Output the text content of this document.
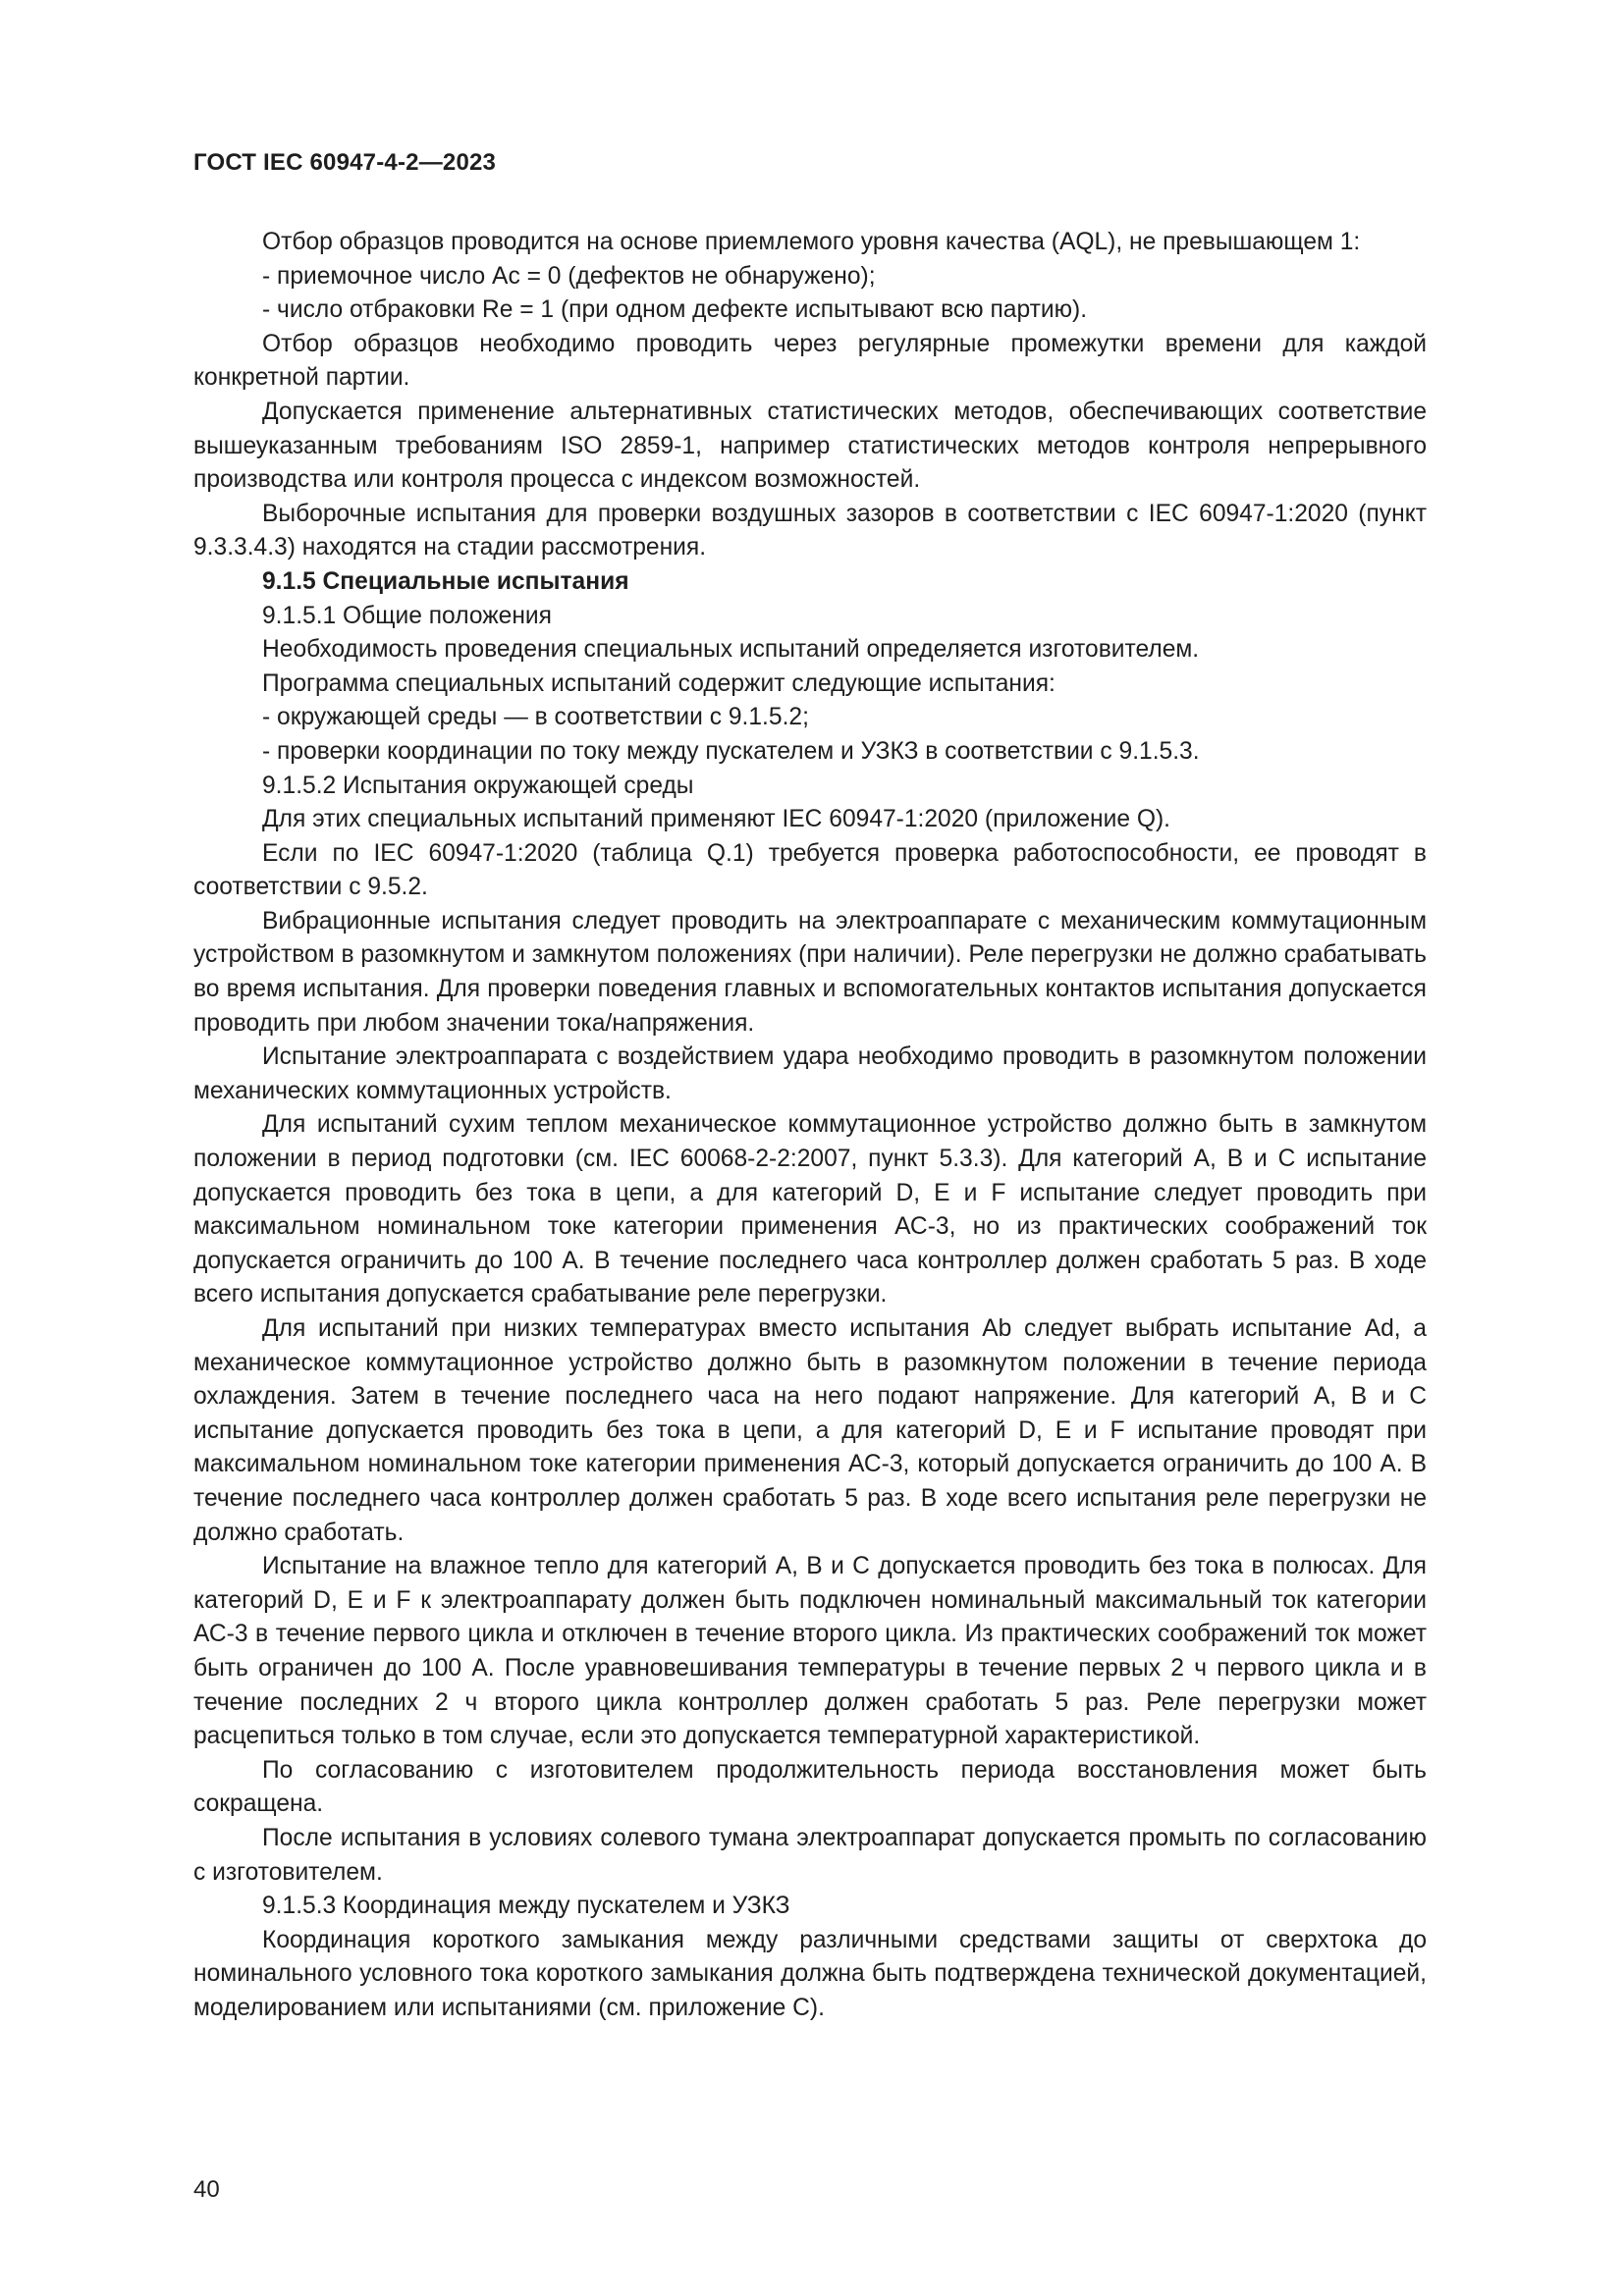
ГОСТ IEC 60947-4-2—2023

Отбор образцов проводится на основе приемлемого уровня качества (AQL), не превышающем 1:

- приемочное число Ас = 0 (дефектов не обнаружено);

- число отбраковки Re = 1 (при одном дефекте испытывают всю партию).

Отбор образцов необходимо проводить через регулярные промежутки времени для каждой конкретной партии.

Допускается применение альтернативных статистических методов, обеспечивающих соответствие вышеуказанным требованиям ISO 2859-1, например статистических методов контроля непрерывного производства или контроля процесса с индексом возможностей.

Выборочные испытания для проверки воздушных зазоров в соответствии с IEC 60947-1:2020 (пункт 9.3.3.4.3) находятся на стадии рассмотрения.

9.1.5 Специальные испытания

9.1.5.1 Общие положения

Необходимость проведения специальных испытаний определяется изготовителем.

Программа специальных испытаний содержит следующие испытания:

- окружающей среды — в соответствии с 9.1.5.2;

- проверки координации по току между пускателем и УЗКЗ в соответствии с 9.1.5.3.

9.1.5.2 Испытания окружающей среды

Для этих специальных испытаний применяют IEC 60947-1:2020 (приложение Q).

Если по IEC 60947-1:2020 (таблица Q.1) требуется проверка работоспособности, ее проводят в соответствии с 9.5.2.

Вибрационные испытания следует проводить на электроаппарате с механическим коммутационным устройством в разомкнутом и замкнутом положениях (при наличии). Реле перегрузки не должно срабатывать во время испытания. Для проверки поведения главных и вспомогательных контактов испытания допускается проводить при любом значении тока/напряжения.

Испытание электроаппарата с воздействием удара необходимо проводить в разомкнутом положении механических коммутационных устройств.

Для испытаний сухим теплом механическое коммутационное устройство должно быть в замкнутом положении в период подготовки (см. IEC 60068-2-2:2007, пункт 5.3.3). Для категорий А, В и С испытание допускается проводить без тока в цепи, а для категорий D, Е и F испытание следует проводить при максимальном номинальном токе категории применения АС-3, но из практических соображений ток допускается ограничить до 100 А. В течение последнего часа контроллер должен сработать 5 раз. В ходе всего испытания допускается срабатывание реле перегрузки.

Для испытаний при низких температурах вместо испытания Ab следует выбрать испытание Ad, а механическое коммутационное устройство должно быть в разомкнутом положении в течение периода охлаждения. Затем в течение последнего часа на него подают напряжение. Для категорий А, В и С испытание допускается проводить без тока в цепи, а для категорий D, Е и F испытание проводят при максимальном номинальном токе категории применения АС-3, который допускается ограничить до 100 А. В течение последнего часа контроллер должен сработать 5 раз. В ходе всего испытания реле перегрузки не должно сработать.

Испытание на влажное тепло для категорий А, В и С допускается проводить без тока в полюсах. Для категорий D, Е и F к электроаппарату должен быть подключен номинальный максимальный ток категории АС-3 в течение первого цикла и отключен в течение второго цикла. Из практических соображений ток может быть ограничен до 100 А. После уравновешивания температуры в течение первых 2 ч первого цикла и в течение последних 2 ч второго цикла контроллер должен сработать 5 раз. Реле перегрузки может расцепиться только в том случае, если это допускается температурной характеристикой.

По согласованию с изготовителем продолжительность периода восстановления может быть сокращена.

После испытания в условиях солевого тумана электроаппарат допускается промыть по согласованию с изготовителем.

9.1.5.3 Координация между пускателем и УЗКЗ

Координация короткого замыкания между различными средствами защиты от сверхтока до номинального условного тока короткого замыкания должна быть подтверждена технической документацией, моделированием или испытаниями (см. приложение С).

40
